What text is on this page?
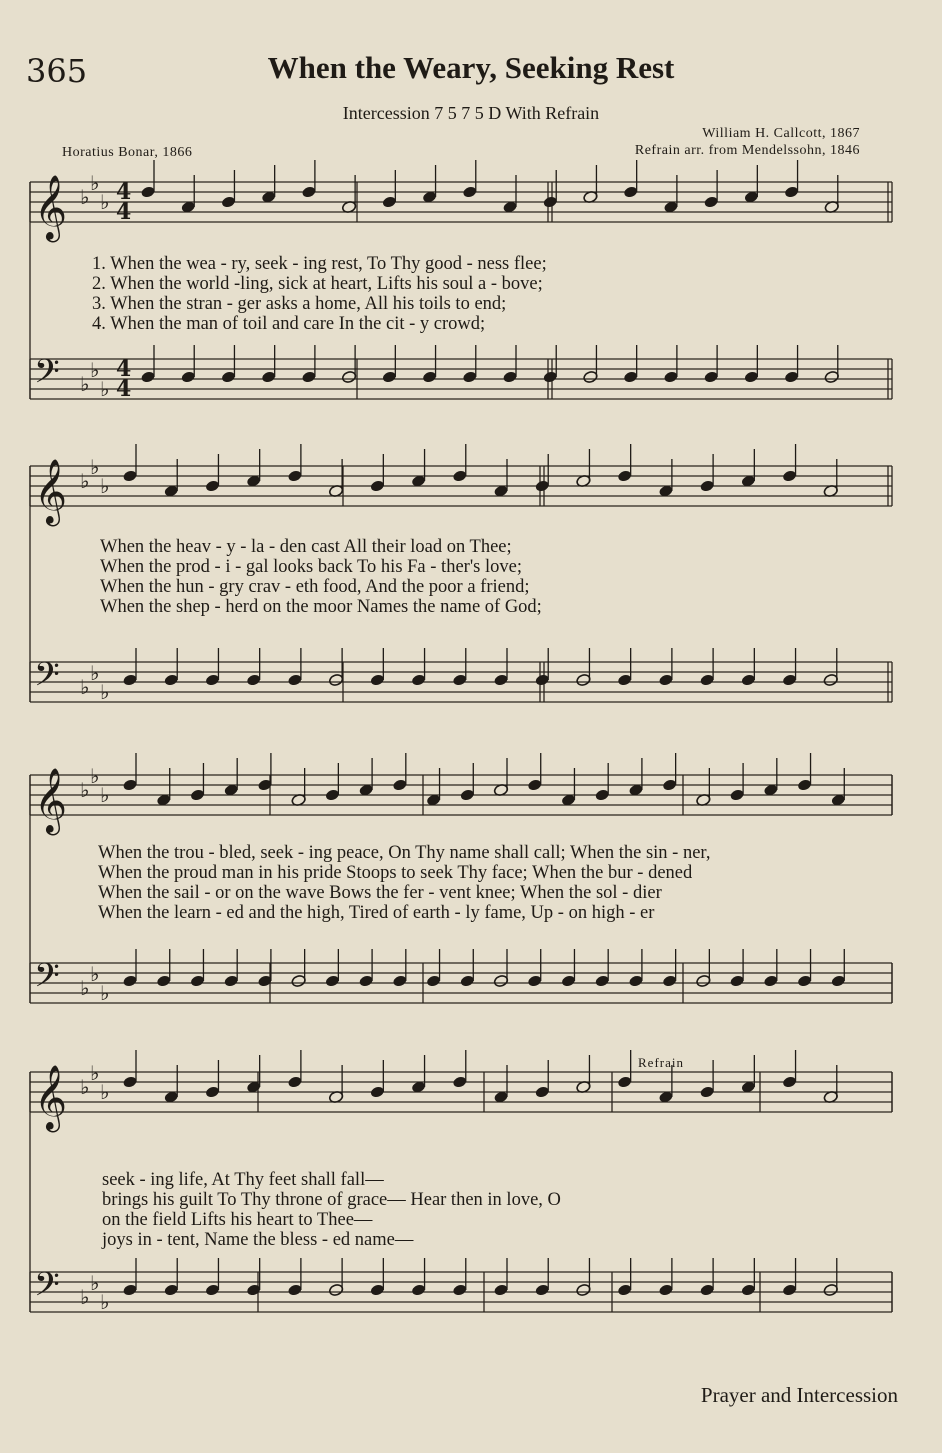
365	When the Weary, Seeking Rest
Intercession 7 5 7 5 D With Refrain
Horatius Bonar, 1866
William H. Callcott, 1867
Refrain arr. from Mendelssohn, 1846
Refrain
𝄞 ♭
♭
♭ 4
4
𝄢 ♭
♭
♭
4
4
𝄞 ♭
♭
♭
𝄢 ♭
♭
♭
𝄞 ♭
♭
♭
𝄢 ♭
♭
♭
𝄞 ♭
♭
♭
𝄢 ♭
♭
♭
1. When the wea - ry, seek - ing rest, To Thy good - ness flee;
2. When the world -ling, sick at heart, Lifts his soul a - bove;
3. When the stran - ger asks a home, All his toils to end;
4. When the man of toil and care In the cit - y crowd;
When the heav - y - la - den cast All their load on Thee;
When the prod - i - gal looks back To his Fa - ther's love;
When the hun - gry crav - eth food, And the poor a friend;
When the shep - herd on the moor Names the name of God;
When the trou - bled, seek - ing peace, On Thy name shall call; When the sin - ner,
When the proud man in his pride Stoops to seek Thy face; When the bur - dened
When the sail - or on the wave Bows the fer - vent knee; When the sol - dier
When the learn - ed and the high, Tired of earth - ly fame, Up - on high - er
seek - ing life, At Thy feet shall fall—
brings his guilt To Thy throne of grace— Hear then in love, O
on the field Lifts his heart to Thee—
joys in - tent, Name the bless - ed name—
Prayer and Intercession
